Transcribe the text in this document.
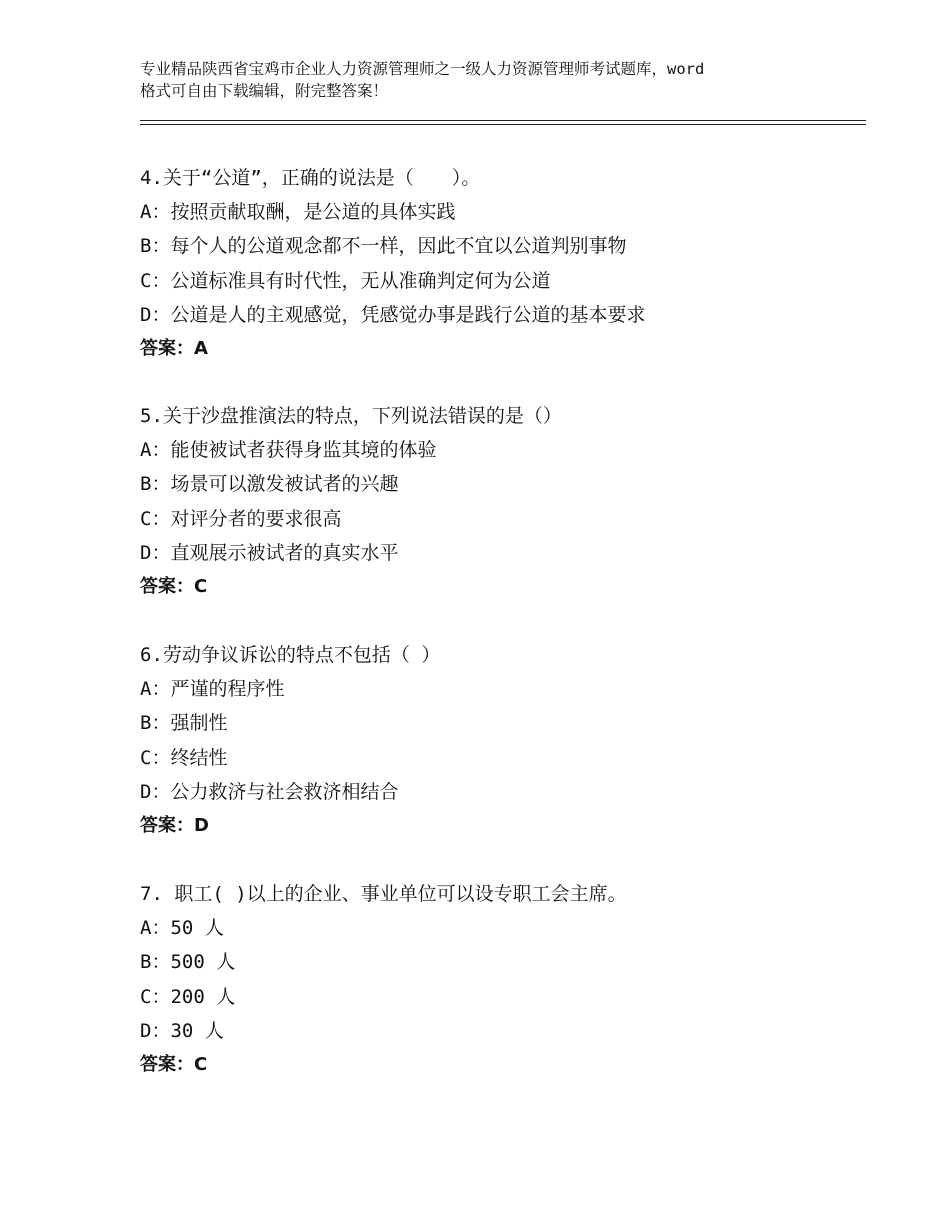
专业精品陕西省宝鸡市企业人力资源管理师之一级人力资源管理师考试题库，word
格式可自由下载编辑，附完整答案！
4.关于“公道”，正确的说法是（　　）。
A：按照贡献取酬，是公道的具体实践
B：每个人的公道观念都不一样，因此不宜以公道判别事物
C：公道标准具有时代性，无从准确判定何为公道
D：公道是人的主观感觉，凭感觉办事是践行公道的基本要求
答案：A
5.关于沙盘推演法的特点，下列说法错误的是（）
A：能使被试者获得身监其境的体验
B：场景可以激发被试者的兴趣
C：对评分者的要求很高
D：直观展示被试者的真实水平
答案：C
6.劳动争议诉讼的特点不包括（ ）
A：严谨的程序性
B：强制性
C：终结性
D：公力救济与社会救济相结合
答案：D
7. 职工( )以上的企业、事业单位可以设专职工会主席。
A：50 人
B：500 人
C：200 人
D：30 人
答案：C
